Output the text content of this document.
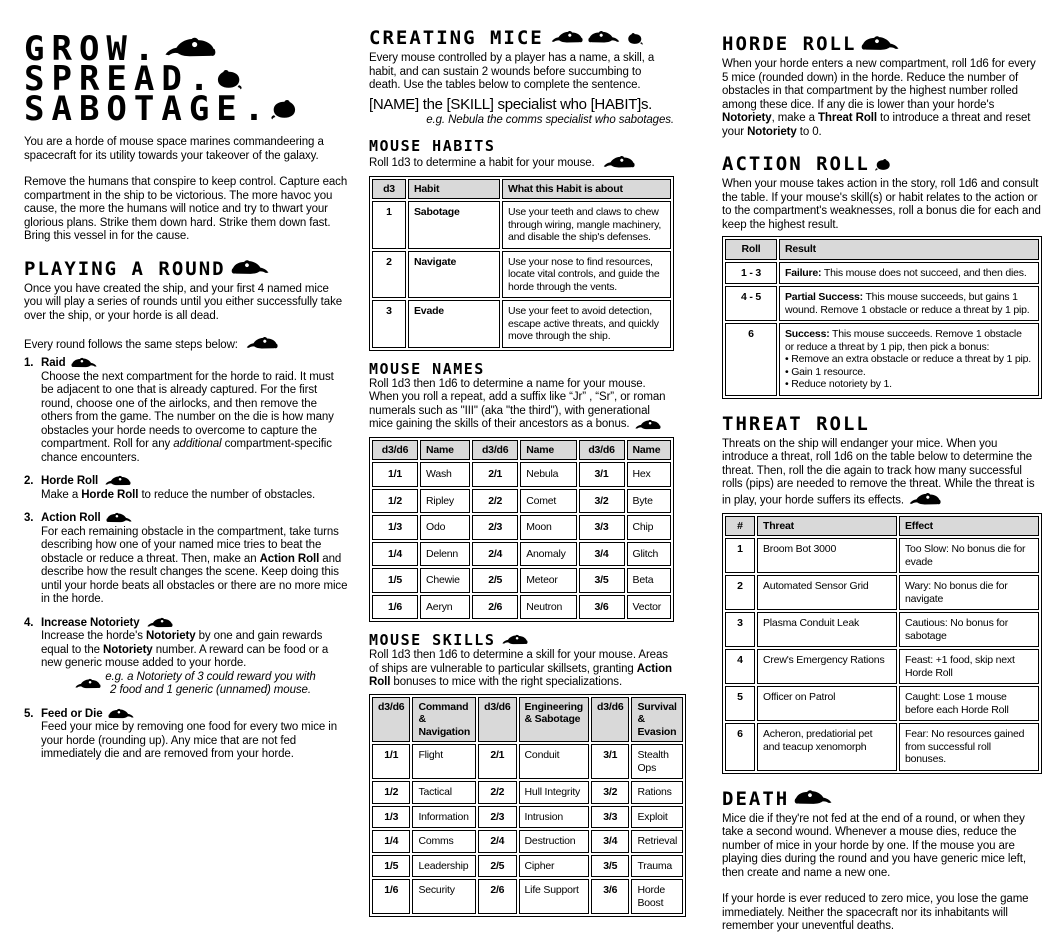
GROW.
SPREAD.
SABOTAGE.

You are a horde of mouse space marines commandeering a spacecraft for its utility towards your takeover of the galaxy.

Remove the humans that conspire to keep control. Capture each compartment in the ship to be victorious. The more havoc you cause, the more the humans will notice and try to thwart your glorious plans. Strike them down hard. Strike them down fast. Bring this vessel in for the cause.

PLAYING A ROUND

Once you have created the ship, and your first 4 named mice you will play a series of rounds until you either successfully take over the ship, or your horde is all dead.

Every round follows the same steps below:

1. Raid
Choose the next compartment for the horde to raid. It must be adjacent to one that is already captured. For the first round, choose one of the airlocks, and then remove the others from the game. The number on the die is how many obstacles your horde needs to overcome to capture the compartment. Roll for any additional compartment-specific chance encounters.
2. Horde Roll
Make a Horde Roll to reduce the number of obstacles.
3. Action Roll
For each remaining obstacle in the compartment, take turns describing how one of your named mice tries to beat the obstacle or reduce a threat. Then, make an Action Roll and describe how the result changes the scene. Keep doing this until your horde beats all obstacles or there are no more mice in the horde.
4. Increase Notoriety
Increase the horde's Notoriety by one and gain rewards equal to the Notoriety number. A reward can be food or a new generic mouse added to your horde.
e.g. a Notoriety of 3 could reward you with
2 food and 1 generic (unnamed) mouse.
5. Feed or Die
Feed your mice by removing one food for every two mice in your horde (rounding up). Any mice that are not fed immediately die and are removed from your horde.
CREATING MICE

Every mouse controlled by a player has a name, a skill, a habit, and can sustain 2 wounds before succumbing to death. Use the tables below to complete the sentence.

[NAME] the [SKILL] specialist who [HABIT]s.
e.g. Nebula the comms specialist who sabotages.
MOUSE HABITS

Roll 1d3 to determine a habit for your mouse.

d3	Habit	What this Habit is about
1	Sabotage	Use your teeth and claws to chew through wiring, mangle machinery, and disable the ship's defenses.
2	Navigate	Use your nose to find resources, locate vital controls, and guide the horde through the vents.
3	Evade	Use your feet to avoid detection, escape active threats, and quickly move through the ship.
MOUSE NAMES

Roll 1d3 then 1d6 to determine a name for your mouse. When you roll a repeat, add a suffix like “Jr” , “Sr”, or roman numerals such as "III" (aka "the third"), with generational mice gaining the skills of their ancestors as a bonus.

d3/d6	Name	d3/d6	Name	d3/d6	Name
1/1	Wash	2/1	Nebula	3/1	Hex
1/2	Ripley	2/2	Comet	3/2	Byte
1/3	Odo	2/3	Moon	3/3	Chip
1/4	Delenn	2/4	Anomaly	3/4	Glitch
1/5	Chewie	2/5	Meteor	3/5	Beta
1/6	Aeryn	2/6	Neutron	3/6	Vector
MOUSE SKILLS

Roll 1d3 then 1d6 to determine a skill for your mouse. Areas of ships are vulnerable to particular skillsets, granting Action Roll bonuses to mice with the right specializations.

d3/d6	Command
& Navigation	d3/d6	Engineering
& Sabotage	d3/d6	Survival
& Evasion
1/1	Flight	2/1	Conduit	3/1	Stealth Ops
1/2	Tactical	2/2	Hull Integrity	3/2	Rations
1/3	Information	2/3	Intrusion	3/3	Exploit
1/4	Comms	2/4	Destruction	3/4	Retrieval
1/5	Leadership	2/5	Cipher	3/5	Trauma
1/6	Security	2/6	Life Support	3/6	Horde Boost
HORDE ROLL

When your horde enters a new compartment, roll 1d6 for every 5 mice (rounded down) in the horde. Reduce the number of obstacles in that compartment by the highest number rolled among these dice. If any die is lower than your horde's Notoriety, make a Threat Roll to introduce a threat and reset your Notoriety to 0.

ACTION ROLL

When your mouse takes action in the story, roll 1d6 and consult the table. If your mouse's skill(s) or habit relates to the action or to the compartment's weaknesses, roll a bonus die for each and keep the highest result.

Roll	Result
1 - 3	Failure: This mouse does not succeed, and then dies.
4 - 5	Partial Success: This mouse succeeds, but gains 1 wound. Remove 1 obstacle or reduce a threat by 1 pip.
6	Success: This mouse succeeds. Remove 1 obstacle or reduce a threat by 1 pip, then pick a bonus:
• Remove an extra obstacle or reduce a threat by 1 pip.
• Gain 1 resource.
• Reduce notoriety by 1.
THREAT ROLL

Threats on the ship will endanger your mice. When you introduce a threat, roll 1d6 on the table below to determine the threat. Then, roll the die again to track how many successful rolls (pips) are needed to remove the threat. While the threat is in play, your horde suffers its effects.

#	Threat	Effect
1	Broom Bot 3000	Too Slow: No bonus die for evade
2	Automated Sensor Grid	Wary: No bonus die for navigate
3	Plasma Conduit Leak	Cautious: No bonus for sabotage
4	Crew's Emergency Rations	Feast: +1 food, skip next Horde Roll
5	Officer on Patrol	Caught: Lose 1 mouse before each Horde Roll
6	Acheron, predatiorial pet and teacup xenomorph	Fear: No resources gained from successful roll bonuses.
DEATH

Mice die if they're not fed at the end of a round, or when they take a second wound. Whenever a mouse dies, reduce the number of mice in your horde by one. If the mouse you are playing dies during the round and you have generic mice left, then create and name a new one.

If your horde is ever reduced to zero mice, you lose the game immediately. Neither the spacecraft nor its inhabitants will remember your uneventful deaths.
